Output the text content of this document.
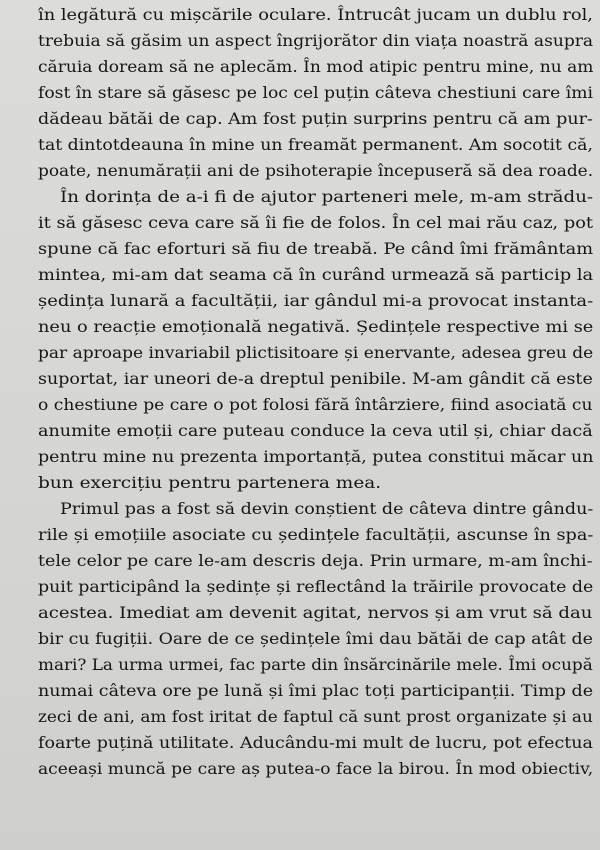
în legătură cu mișcările oculare. Întrucât jucam un dublu rol,
trebuia să găsim un aspect îngrijorător din viața noastră asupra
căruia doream să ne aplecăm. În mod atipic pentru mine, nu am
fost în stare să găsesc pe loc cel puțin câteva chestiuni care îmi
dădeau bătăi de cap. Am fost puțin surprins pentru că am pur-
tat dintotdeauna în mine un freamăt permanent. Am socotit că,
poate, nenumărații ani de psihoterapie începuseră să dea roade.
În dorința de a-i fi de ajutor parteneri mele, m-am strădu-
it să găsesc ceva care să îi fie de folos. În cel mai rău caz, pot
spune că fac eforturi să fiu de treabă. Pe când îmi frământam
mintea, mi-am dat seama că în curând urmează să particip la
ședința lunară a facultății, iar gândul mi-a provocat instanta-
neu o reacție emoțională negativă. Ședințele respective mi se
par aproape invariabil plictisitoare și enervante, adesea greu de
suportat, iar uneori de-a dreptul penibile. M-am gândit că este
o chestiune pe care o pot folosi fără întârziere, fiind asociată cu
anumite emoții care puteau conduce la ceva util și, chiar dacă
pentru mine nu prezenta importanță, putea constitui măcar un
bun exercițiu pentru partenera mea.
Primul pas a fost să devin conștient de câteva dintre gându-
rile și emoțiile asociate cu ședințele facultății, ascunse în spa-
tele celor pe care le-am descris deja. Prin urmare, m-am închi-
puit participând la ședințe și reflectând la trăirile provocate de
acestea. Imediat am devenit agitat, nervos și am vrut să dau
bir cu fugiții. Oare de ce ședințele îmi dau bătăi de cap atât de
mari? La urma urmei, fac parte din însărcinările mele. Îmi ocupă
numai câteva ore pe lună și îmi plac toți participanții. Timp de
zeci de ani, am fost iritat de faptul că sunt prost organizate și au
foarte puțină utilitate. Aducându-mi mult de lucru, pot efectua
aceeași muncă pe care aș putea-o face la birou. În mod obiectiv,
